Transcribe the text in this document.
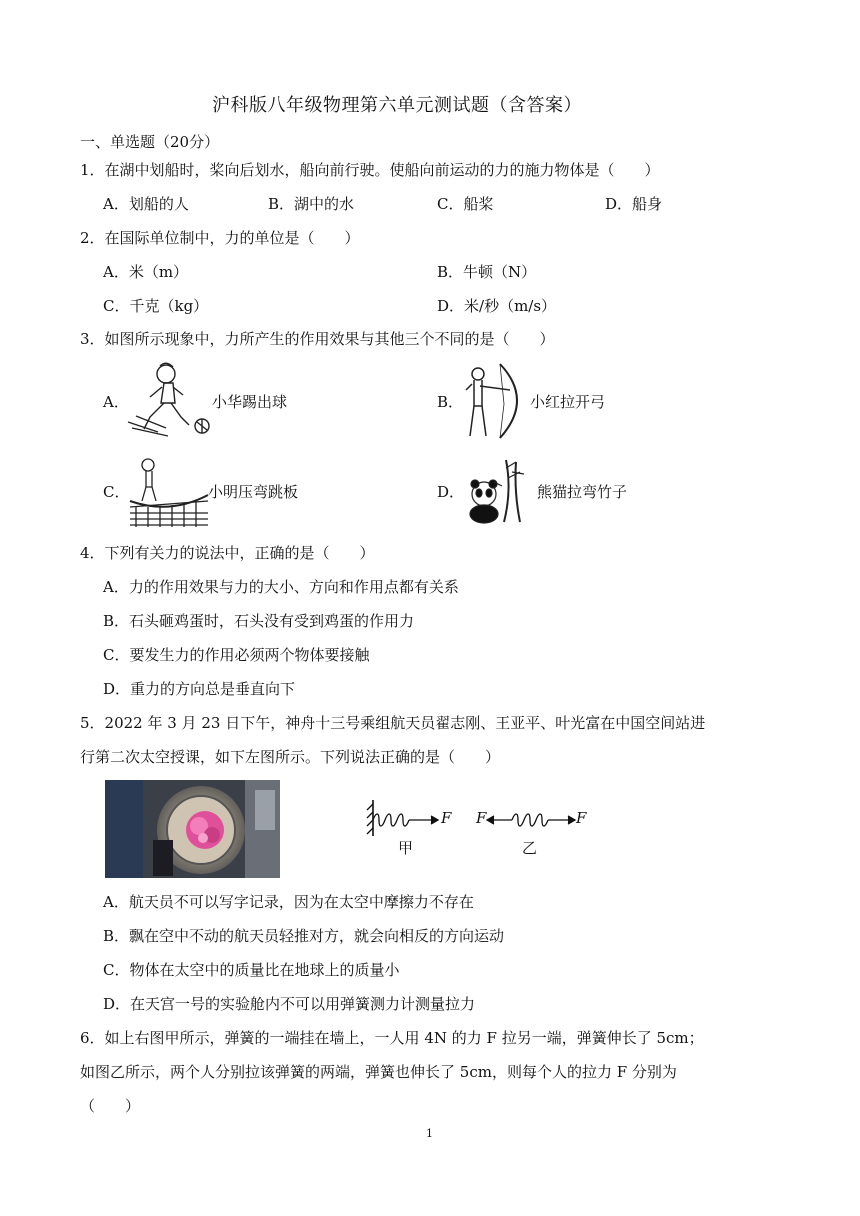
沪科版八年级物理第六单元测试题（含答案）
一、单选题（20分）
1．在湖中划船时，桨向后划水，船向前行驶。使船向前运动的力的施力物体是（　　）
A．划船的人	B．湖中的水	C．船桨	D．船身
2．在国际单位制中，力的单位是（　　）
A．米（m）	B．牛顿（N）
C．千克（kg）	D．米/秒（m/s）
3．如图所示现象中，力所产生的作用效果与其他三个不同的是（　　）
A．	小华踢出球	B．	小红拉开弓
C．	小明压弯跳板	D．	熊猫拉弯竹子
4．下列有关力的说法中，正确的是（　　）
A．力的作用效果与力的大小、方向和作用点都有关系
B．石头砸鸡蛋时，石头没有受到鸡蛋的作用力
C．要发生力的作用必须两个物体要接触
D．重力的方向总是垂直向下
5．2022 年 3 月 23 日下午，神舟十三号乘组航天员翟志刚、王亚平、叶光富在中国空间站进
行第二次太空授课，如下左图所示。下列说法正确的是（　　）
F
甲
F	F
乙
A．航天员不可以写字记录，因为在太空中摩擦力不存在
B．飘在空中不动的航天员轻推对方，就会向相反的方向运动
C．物体在太空中的质量比在地球上的质量小
D．在天宫一号的实验舱内不可以用弹簧测力计测量拉力
6．如上右图甲所示，弹簧的一端挂在墙上，一人用 4N 的力 F 拉另一端，弹簧伸长了 5cm；
如图乙所示，两个人分别拉该弹簧的两端，弹簧也伸长了 5cm，则每个人的拉力 F 分别为
（　　）
1
